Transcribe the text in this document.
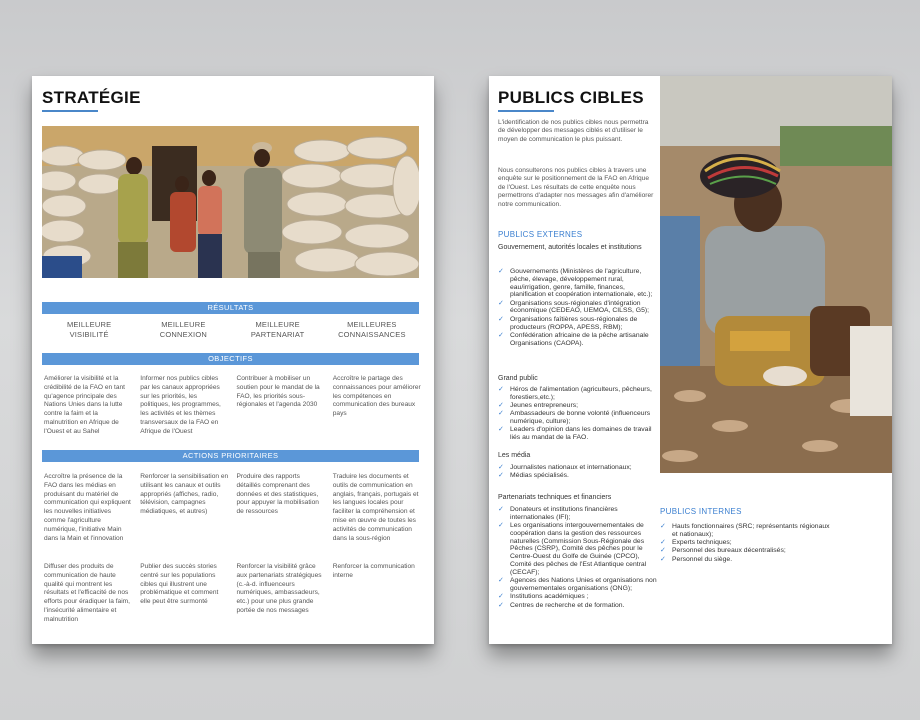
STRATÉGIE
RÉSULTATS
MEILLEURE
VISIBILITÉ
MEILLEURE
CONNEXION
MEILLEURE
PARTENARIAT
MEILLEURES
CONNAISSANCES
OBJECTIFS
Améliorer la visibilité et la crédibilité de la FAO en tant qu'agence principale des Nations Unies dans la lutte contre la faim et la malnutrition en Afrique de l'Ouest et au Sahel
Informer nos publics cibles par les canaux appropriées sur les priorités, les politiques, les programmes, les activités et les thèmes transversaux de la FAO en Afrique de l'Ouest
Contribuer à mobiliser un soutien pour le mandat de la FAO, les priorités sous-régionales et l'agenda 2030
Accroître le partage des connaissances pour améliorer les compétences en communication des bureaux pays
ACTIONS PRIORITAIRES
Accroître la présence de la FAO dans les médias en produisant du matériel de communication qui expliquent les nouvelles initiatives comme l'agriculture numérique, l'initiative Main dans la Main et l'innovation
Renforcer la sensibilisation en utilisant les canaux et outils appropriés (affiches, radio, télévision, campagnes médiatiques, et autres)
Produire des rapports détaillés comprenant des données et des statistiques, pour appuyer la mobilisation de ressources
Traduire les documents et outils de communication en anglais, français, portugais et les langues locales pour faciliter la compréhension et mise en œuvre de toutes les activités de communication dans la sous-région
Diffuser des produits de communication de haute qualité qui montrent les résultats et l'efficacité de nos efforts pour éradiquer la faim, l'insécurité alimentaire et malnutrition
Publier des succès stories centré sur les populations cibles qui illustrent une problématique et comment elle peut être surmonté
Renforcer la visibilité grâce aux partenariats stratégiques (c.-à-d. influenceurs numériques, ambassadeurs, etc.) pour une plus grande portée de nos messages
Renforcer la communication interne
PUBLICS CIBLES
L'identification de nos publics cibles nous permettra de développer des messages ciblés et d'utiliser le moyen de communication le plus puissant.
Nous consulterons nos publics cibles à travers une enquête sur le positionnement de la FAO en Afrique de l'Ouest. Les résultats de cette enquête nous permettrons d'adapter nos messages afin d'améliorer notre communication.
PUBLICS EXTERNES
Gouvernement, autorités locales et institutions
✓ Gouvernements (Ministères de l'agriculture, pêche, élevage, développement rural, eau/irrigation, genre, famille, finances, planification et coopération internationale, etc.);
✓ Organisations sous-régionales d'intégration économique (CEDEAO, UEMOA, CILSS, G5);
✓ Organisations faîtières sous-régionales de producteurs (ROPPA, APESS, RBM);
✓ Confédération africaine de la pêche artisanale Organisations (CAOPA).
Grand public
✓ Héros de l'alimentation (agriculteurs, pêcheurs, forestiers,etc.);
✓ Jeunes entrepreneurs;
✓ Ambassadeurs de bonne volonté (influenceurs numérique, culture);
✓ Leaders d'opinion dans les domaines de travail liés au mandat de la FAO.
Les média
✓ Journalistes nationaux et internationaux;
✓ Médias spécialisés.
Partenariats techniques et financiers
✓ Donateurs et institutions financières internationales (IFI);
✓ Les organisations intergouvernementales de coopération dans la gestion des ressources naturelles (Commission Sous-Régionale des Pêches (CSRP), Comité des pêches pour le Centre-Ouest du Golfe de Guinée (CPCO), Comité des pêches de l'Est Atlantique central (CECAF);
✓ Agences des Nations Unies et organisations non gouvernementales organisations (ONG);
✓ Institutions académiques ;
✓ Centres de recherche et de formation.
PUBLICS INTERNES
✓ Hauts fonctionnaires (SRC; représentants régionaux et nationaux);
✓ Experts techniques;
✓ Personnel des bureaux décentralisés;
✓ Personnel du siège.
